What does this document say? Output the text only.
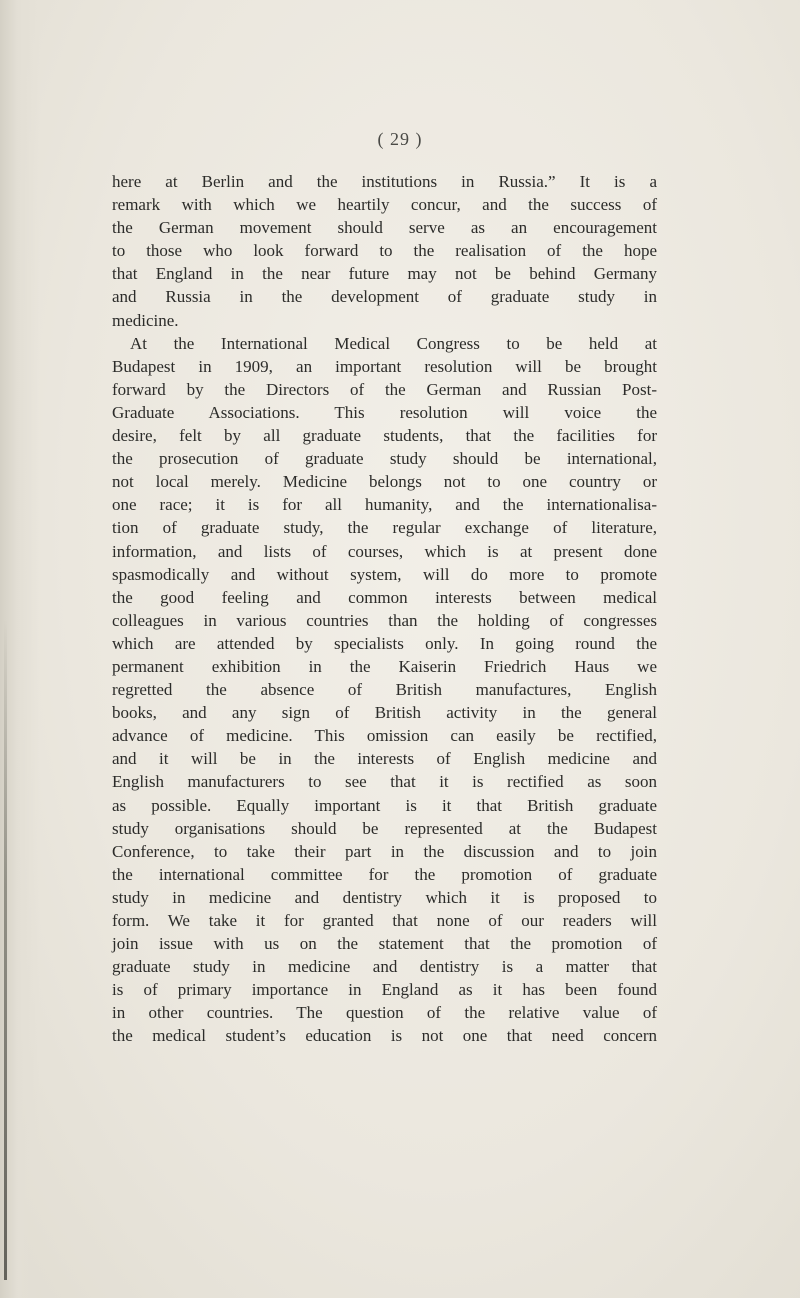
( 29 )
here at Berlin and the institutions in Russia.” It is a
remark with which we heartily concur, and the success of
the German movement should serve as an encouragement
to those who look forward to the realisation of the hope
that England in the near future may not be behind Germany
and Russia in the development of graduate study in
medicine.
At the International Medical Congress to be held at
Budapest in 1909, an important resolution will be brought
forward by the Directors of the German and Russian Post-
Graduate Associations. This resolution will voice the
desire, felt by all graduate students, that the facilities for
the prosecution of graduate study should be international,
not local merely. Medicine belongs not to one country or
one race; it is for all humanity, and the internationalisa-
tion of graduate study, the regular exchange of literature,
information, and lists of courses, which is at present done
spasmodically and without system, will do more to promote
the good feeling and common interests between medical
colleagues in various countries than the holding of congresses
which are attended by specialists only. In going round the
permanent exhibition in the Kaiserin Friedrich Haus we
regretted the absence of British manufactures, English
books, and any sign of British activity in the general
advance of medicine. This omission can easily be rectified,
and it will be in the interests of English medicine and
English manufacturers to see that it is rectified as soon
as possible. Equally important is it that British graduate
study organisations should be represented at the Budapest
Conference, to take their part in the discussion and to join
the international committee for the promotion of graduate
study in medicine and dentistry which it is proposed to
form. We take it for granted that none of our readers will
join issue with us on the statement that the promotion of
graduate study in medicine and dentistry is a matter that
is of primary importance in England as it has been found
in other countries. The question of the relative value of
the medical student’s education is not one that need concern
